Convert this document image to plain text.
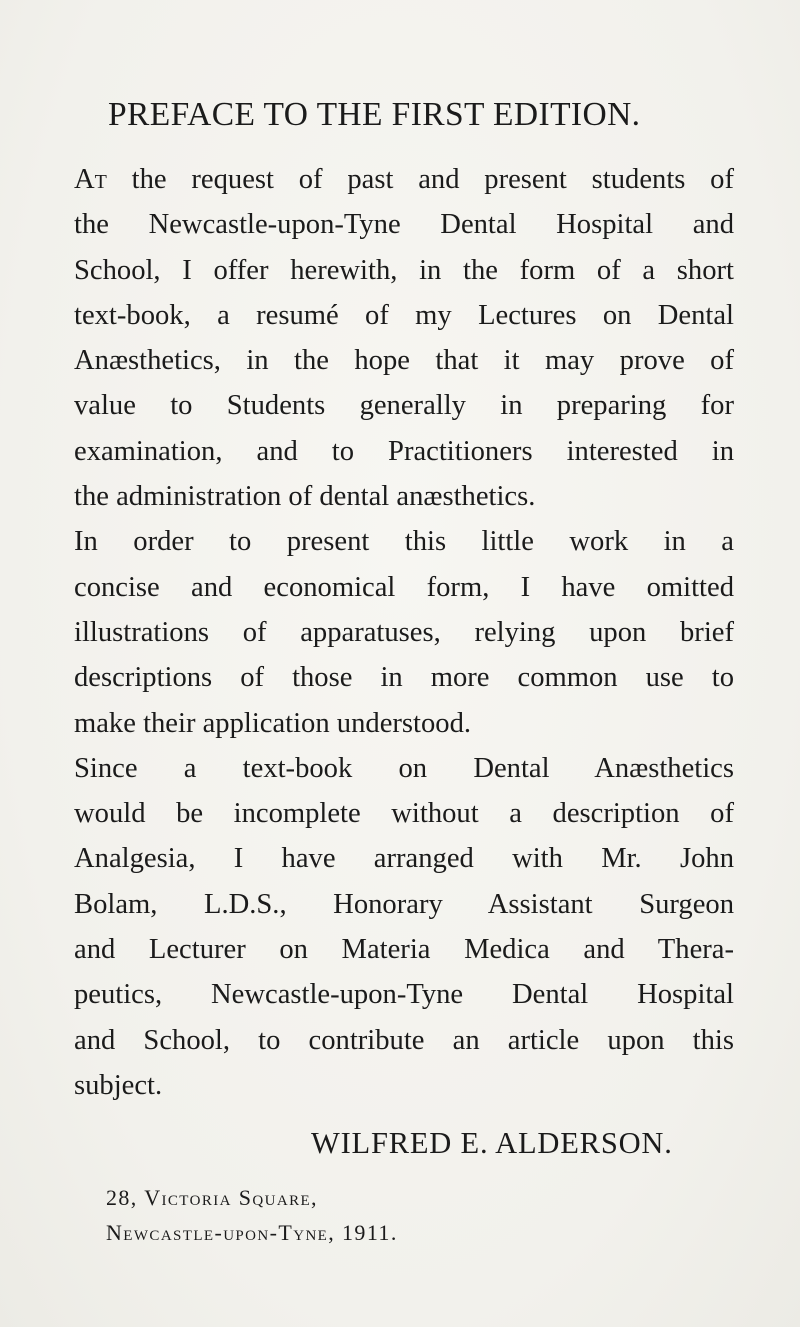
PREFACE TO THE FIRST EDITION.

At the request of past and present students of
the Newcastle-upon-Tyne Dental Hospital and
School, I offer herewith, in the form of a short
text-book, a resumé of my Lectures on Dental
Anæsthetics, in the hope that it may prove of
value to Students generally in preparing for
examination, and to Practitioners interested in
the administration of dental anæsthetics.

In order to present this little work in a
concise and economical form, I have omitted
illustrations of apparatuses, relying upon brief
descriptions of those in more common use to
make their application understood.

Since a text-book on Dental Anæsthetics
would be incomplete without a description of
Analgesia, I have arranged with Mr. John
Bolam, L.D.S., Honorary Assistant Surgeon
and Lecturer on Materia Medica and Thera-
peutics, Newcastle-upon-Tyne Dental Hospital
and School, to contribute an article upon this
subject.

WILFRED E. ALDERSON.
28, Victoria Square,
Newcastle-upon-Tyne, 1911.
